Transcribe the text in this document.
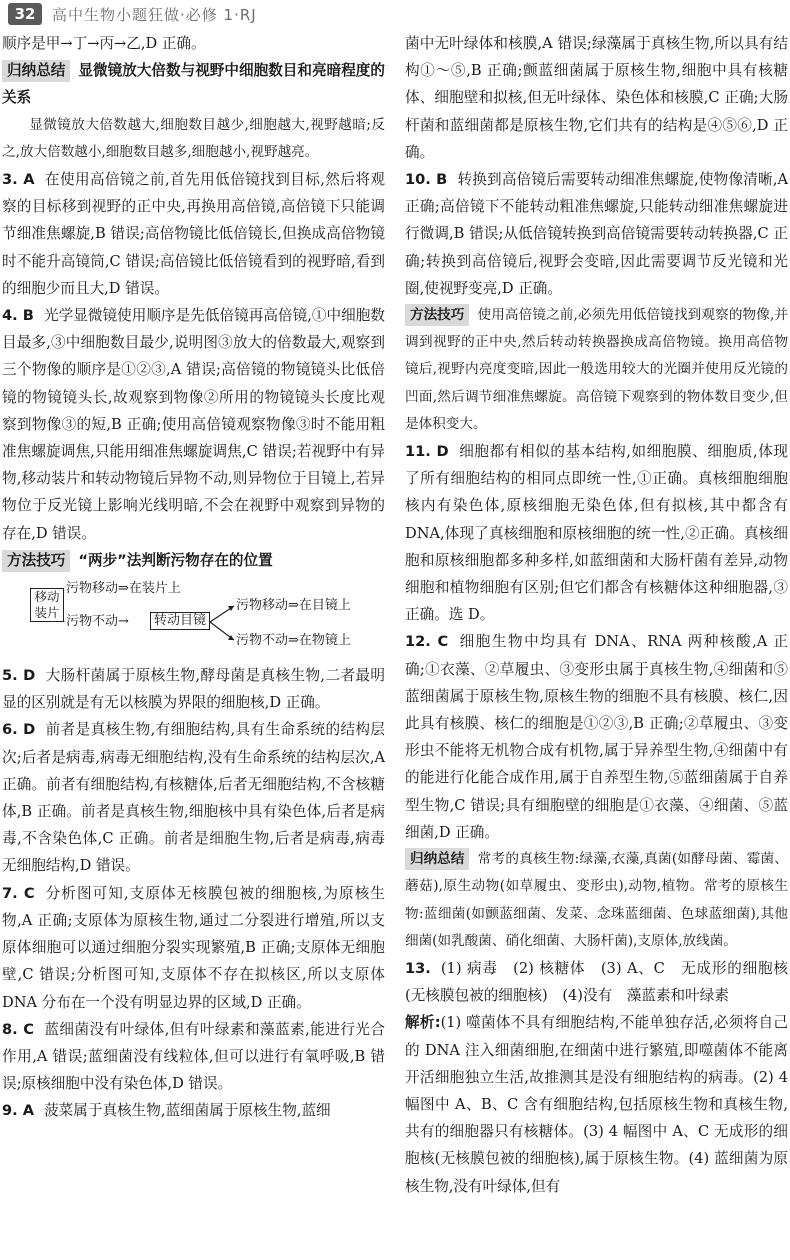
32	高中生物小题狂做·必修 1·RJ

顺序是甲→丁→丙→乙,D 正确。

归纳总结 显微镜放大倍数与视野中细胞数目和亮暗程度的关系

显微镜放大倍数越大,细胞数目越少,细胞越大,视野越暗;反之,放大倍数越小,细胞数目越多,细胞越小,视野越亮。

3. A 在使用高倍镜之前,首先用低倍镜找到目标,然后将观察的目标移到视野的正中央,再换用高倍镜,高倍镜下只能调节细准焦螺旋,B 错误;高倍物镜比低倍镜长,但换成高倍物镜时不能升高镜筒,C 错误;高倍镜比低倍镜看到的视野暗,看到的细胞少而且大,D 错误。

4. B 光学显微镜使用顺序是先低倍镜再高倍镜,①中细胞数目最多,③中细胞数目最少,说明图③放大的倍数最大,观察到三个物像的顺序是①②③,A 错误;高倍镜的物镜镜头比低倍镜的物镜镜头长,故观察到物像②所用的物镜镜头长度比观察到物像③的短,B 正确;使用高倍镜观察物像③时不能用粗准焦螺旋调焦,只能用细准焦螺旋调焦,C 错误;若视野中有异物,移动装片和转动物镜后异物不动,则异物位于目镜上,若异物位于反光镜上影响光线明暗,不会在视野中观察到异物的存在,D 错误。

方法技巧 “两步”法判断污物存在的位置

移动装片
污物移动⇒在装片上
污物不动→	转动目镜
污物移动⇒在目镜上
污物不动⇒在物镜上

5. D 大肠杆菌属于原核生物,酵母菌是真核生物,二者最明显的区别就是有无以核膜为界限的细胞核,D 正确。

6. D 前者是真核生物,有细胞结构,具有生命系统的结构层次;后者是病毒,病毒无细胞结构,没有生命系统的结构层次,A 正确。前者有细胞结构,有核糖体,后者无细胞结构,不含核糖体,B 正确。前者是真核生物,细胞核中具有染色体,后者是病毒,不含染色体,C 正确。前者是细胞生物,后者是病毒,病毒无细胞结构,D 错误。

7. C 分析图可知,支原体无核膜包被的细胞核,为原核生物,A 正确;支原体为原核生物,通过二分裂进行增殖,所以支原体细胞可以通过细胞分裂实现繁殖,B 正确;支原体无细胞壁,C 错误;分析图可知,支原体不存在拟核区,所以支原体 DNA 分布在一个没有明显边界的区域,D 正确。

8. C 蓝细菌没有叶绿体,但有叶绿素和藻蓝素,能进行光合作用,A 错误;蓝细菌没有线粒体,但可以进行有氧呼吸,B 错误;原核细胞中没有染色体,D 错误。

9. A 菠菜属于真核生物,蓝细菌属于原核生物,蓝细

菌中无叶绿体和核膜,A 错误;绿藻属于真核生物,所以具有结构①～⑤,B 正确;颤蓝细菌属于原核生物,细胞中具有核糖体、细胞壁和拟核,但无叶绿体、染色体和核膜,C 正确;大肠杆菌和蓝细菌都是原核生物,它们共有的结构是④⑤⑥,D 正确。

10. B 转换到高倍镜后需要转动细准焦螺旋,使物像清晰,A 正确;高倍镜下不能转动粗准焦螺旋,只能转动细准焦螺旋进行微调,B 错误;从低倍镜转换到高倍镜需要转动转换器,C 正确;转换到高倍镜后,视野会变暗,因此需要调节反光镜和光圈,使视野变亮,D 正确。

方法技巧 使用高倍镜之前,必须先用低倍镜找到观察的物像,并调到视野的正中央,然后转动转换器换成高倍物镜。换用高倍物镜后,视野内亮度变暗,因此一般选用较大的光圈并使用反光镜的凹面,然后调节细准焦螺旋。高倍镜下观察到的物体数目变少,但是体积变大。

11. D 细胞都有相似的基本结构,如细胞膜、细胞质,体现了所有细胞结构的相同点即统一性,①正确。真核细胞细胞核内有染色体,原核细胞无染色体,但有拟核,其中都含有 DNA,体现了真核细胞和原核细胞的统一性,②正确。真核细胞和原核细胞都多种多样,如蓝细菌和大肠杆菌有差异,动物细胞和植物细胞有区别;但它们都含有核糖体这种细胞器,③正确。选 D。

12. C 细胞生物中均具有 DNA、RNA 两种核酸,A 正确;①衣藻、②草履虫、③变形虫属于真核生物,④细菌和⑤蓝细菌属于原核生物,原核生物的细胞不具有核膜、核仁,因此具有核膜、核仁的细胞是①②③,B 正确;②草履虫、③变形虫不能将无机物合成有机物,属于异养型生物,④细菌中有的能进行化能合成作用,属于自养型生物,⑤蓝细菌属于自养型生物,C 错误;具有细胞壁的细胞是①衣藻、④细菌、⑤蓝细菌,D 正确。

归纳总结 常考的真核生物:绿藻,衣藻,真菌(如酵母菌、霉菌、蘑菇),原生动物(如草履虫、变形虫),动物,植物。常考的原核生物:蓝细菌(如颤蓝细菌、发菜、念珠蓝细菌、色球蓝细菌),其他细菌(如乳酸菌、硝化细菌、大肠杆菌),支原体,放线菌。

13. (1) 病毒　(2) 核糖体　(3) A、C　无成形的细胞核(无核膜包被的细胞核)　(4)没有　藻蓝素和叶绿素

解析:(1) 噬菌体不具有细胞结构,不能单独存活,必须将自己的 DNA 注入细菌细胞,在细菌中进行繁殖,即噬菌体不能离开活细胞独立生活,故推测其是没有细胞结构的病毒。(2) 4 幅图中 A、B、C 含有细胞结构,包括原核生物和真核生物,共有的细胞器只有核糖体。(3) 4 幅图中 A、C 无成形的细胞核(无核膜包被的细胞核),属于原核生物。(4) 蓝细菌为原核生物,没有叶绿体,但有
